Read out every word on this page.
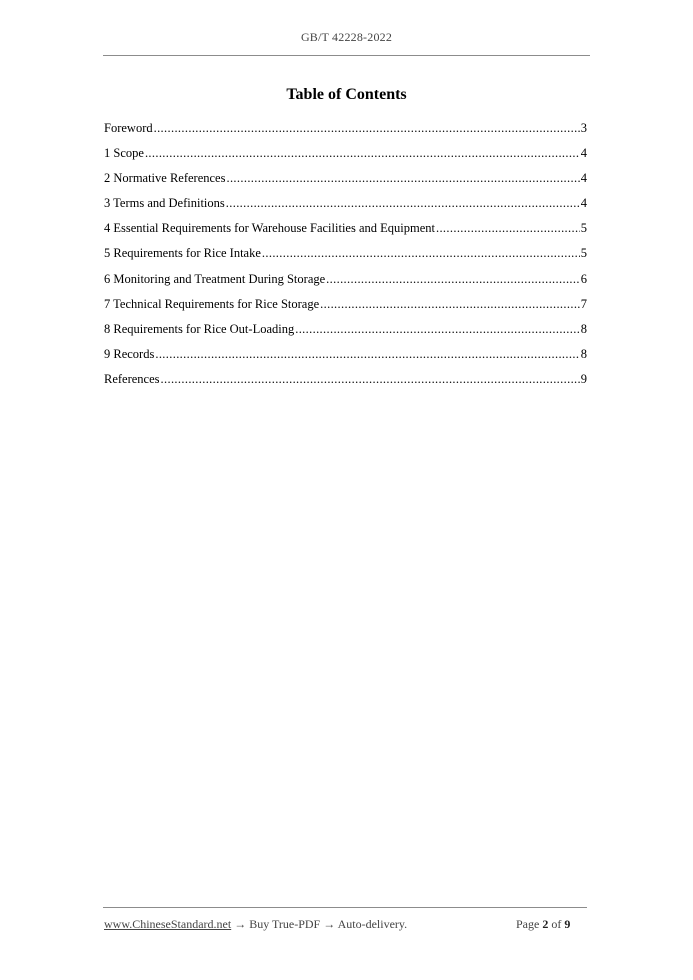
GB/T 42228-2022
Table of Contents
Foreword .....	3
1 Scope .....	4
2 Normative References .....	4
3 Terms and Definitions .....	4
4 Essential Requirements for Warehouse Facilities and Equipment .....	5
5 Requirements for Rice Intake .....	5
6 Monitoring and Treatment During Storage .....	6
7 Technical Requirements for Rice Storage .....	7
8 Requirements for Rice Out-Loading .....	8
9 Records .....	8
References .....	9
www.ChineseStandard.net → Buy True-PDF → Auto-delivery.	Page 2 of 9
